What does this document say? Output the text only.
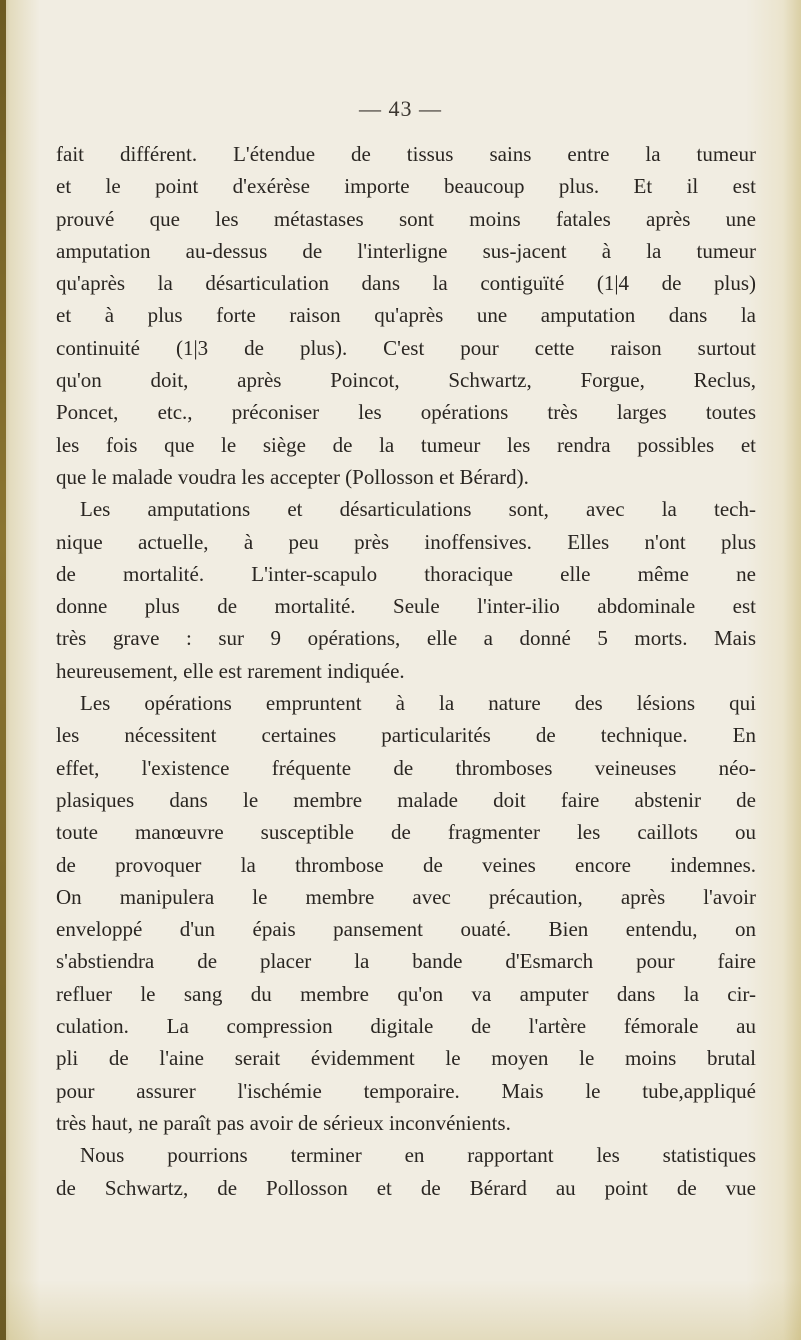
— 43 —
fait différent. L'étendue de tissus sains entre la tumeur
et le point d'exérèse importe beaucoup plus. Et il est
prouvé que les métastases sont moins fatales après une
amputation au-dessus de l'interligne sus-jacent à la tumeur
qu'après la désarticulation dans la contiguïté (1|4 de plus)
et à plus forte raison qu'après une amputation dans la
continuité (1|3 de plus). C'est pour cette raison surtout
qu'on doit, après Poincot, Schwartz, Forgue, Reclus,
Poncet, etc., préconiser les opérations très larges toutes
les fois que le siège de la tumeur les rendra possibles et
que le malade voudra les accepter (Pollosson et Bérard).
Les amputations et désarticulations sont, avec la tech-
nique actuelle, à peu près inoffensives. Elles n'ont plus
de mortalité. L'inter-scapulo thoracique elle même ne
donne plus de mortalité. Seule l'inter-ilio abdominale est
très grave : sur 9 opérations, elle a donné 5 morts. Mais
heureusement, elle est rarement indiquée.
Les opérations empruntent à la nature des lésions qui
les nécessitent certaines particularités de technique. En
effet, l'existence fréquente de thromboses veineuses néo-
plasiques dans le membre malade doit faire abstenir de
toute manœuvre susceptible de fragmenter les caillots ou
de provoquer la thrombose de veines encore indemnes.
On manipulera le membre avec précaution, après l'avoir
enveloppé d'un épais pansement ouaté. Bien entendu, on
s'abstiendra de placer la bande d'Esmarch pour faire
refluer le sang du membre qu'on va amputer dans la cir-
culation. La compression digitale de l'artère fémorale au
pli de l'aine serait évidemment le moyen le moins brutal
pour assurer l'ischémie temporaire. Mais le tube,appliqué
très haut, ne paraît pas avoir de sérieux inconvénients.
Nous pourrions terminer en rapportant les statistiques
de Schwartz, de Pollosson et de Bérard au point de vue
